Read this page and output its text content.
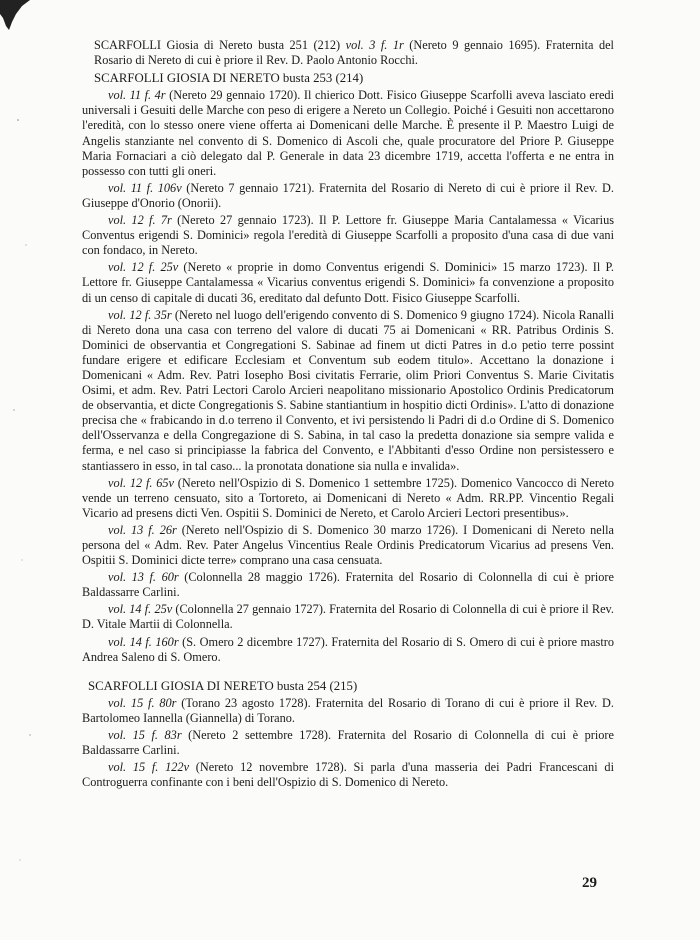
SCARFOLLI Giosia di Nereto busta 251 (212) vol. 3 f. 1r (Nereto 9 gennaio 1695). Fraternita del Rosario di Nereto di cui è priore il Rev. D. Paolo Antonio Rocchi.

SCARFOLLI GIOSIA DI NERETO busta 253 (214)

vol. 11 f. 4r (Nereto 29 gennaio 1720). Il chierico Dott. Fisico Giuseppe Scarfolli aveva lasciato eredi universali i Gesuiti delle Marche con peso di erigere a Nereto un Collegio. Poiché i Gesuiti non accettarono l'eredità, con lo stesso onere viene offerta ai Domenicani delle Marche. È presente il P. Maestro Luigi de Angelis stanziante nel convento di S. Domenico di Ascoli che, quale procuratore del Priore P. Giuseppe Maria Fornaciari a ciò delegato dal P. Generale in data 23 dicembre 1719, accetta l'offerta e ne entra in possesso con tutti gli oneri.

vol. 11 f. 106v (Nereto 7 gennaio 1721). Fraternita del Rosario di Nereto di cui è priore il Rev. D. Giuseppe d'Onorio (Onorii).

vol. 12 f. 7r (Nereto 27 gennaio 1723). Il P. Lettore fr. Giuseppe Maria Cantalamessa « Vicarius Conventus erigendi S. Dominici» regola l'eredità di Giuseppe Scarfolli a proposito d'una casa di due vani con fondaco, in Nereto.

vol. 12 f. 25v (Nereto « proprie in domo Conventus erigendi S. Dominici» 15 marzo 1723). Il P. Lettore fr. Giuseppe Cantalamessa « Vicarius conventus erigendi S. Dominici» fa convenzione a proposito di un censo di capitale di ducati 36, ereditato dal defunto Dott. Fisico Giuseppe Scarfolli.

vol. 12 f. 35r (Nereto nel luogo dell'erigendo convento di S. Domenico 9 giugno 1724). Nicola Ranalli di Nereto dona una casa con terreno del valore di ducati 75 ai Domenicani « RR. Patribus Ordinis S. Dominici de observantia et Congregationi S. Sabinae ad finem ut dicti Patres in d.o petio terre possint fundare erigere et edificare Ecclesiam et Conventum sub eodem titulo». Accettano la donazione i Domenicani « Adm. Rev. Patri Iosepho Bosi civitatis Ferrarie, olim Priori Conventus S. Marie Civitatis Osimi, et adm. Rev. Patri Lectori Carolo Arcieri neapolitano missionario Apostolico Ordinis Predicatorum de observantia, et dicte Congregationis S. Sabine stantiantium in hospitio dicti Ordinis». L'atto di donazione precisa che « frabicando in d.o terreno il Convento, et ivi persistendo li Padri di d.o Ordine di S. Domenico dell'Osservanza e della Congregazione di S. Sabina, in tal caso la predetta donazione sia sempre valida e ferma, e nel caso si principiasse la fabrica del Convento, e l'Abbitanti d'esso Ordine non persistessero e stantiassero in esso, in tal caso... la pronotata donatione sia nulla e invalida».

vol. 12 f. 65v (Nereto nell'Ospizio di S. Domenico 1 settembre 1725). Domenico Vancocco di Nereto vende un terreno censuato, sito a Tortoreto, ai Domenicani di Nereto « Adm. RR.PP. Vincentio Regali Vicario ad presens dicti Ven. Ospitii S. Dominici de Nereto, et Carolo Arcieri Lectori presentibus».

vol. 13 f. 26r (Nereto nell'Ospizio di S. Domenico 30 marzo 1726). I Domenicani di Nereto nella persona del « Adm. Rev. Pater Angelus Vincentius Reale Ordinis Predicatorum Vicarius ad presens Ven. Ospitii S. Dominici dicte terre» comprano una casa censuata.

vol. 13 f. 60r (Colonnella 28 maggio 1726). Fraternita del Rosario di Colonnella di cui è priore Baldassarre Carlini.

vol. 14 f. 25v (Colonnella 27 gennaio 1727). Fraternita del Rosario di Colonnella di cui è priore il Rev. D. Vitale Martii di Colonnella.

vol. 14 f. 160r (S. Omero 2 dicembre 1727). Fraternita del Rosario di S. Omero di cui è priore mastro Andrea Saleno di S. Omero.

SCARFOLLI GIOSIA DI NERETO busta 254 (215)

vol. 15 f. 80r (Torano 23 agosto 1728). Fraternita del Rosario di Torano di cui è priore il Rev. D. Bartolomeo Iannella (Giannella) di Torano.

vol. 15 f. 83r (Nereto 2 settembre 1728). Fraternita del Rosario di Colonnella di cui è priore Baldassarre Carlini.

vol. 15 f. 122v (Nereto 12 novembre 1728). Si parla d'una masseria dei Padri Francescani di Controguerra confinante con i beni dell'Ospizio di S. Domenico di Nereto.

29
